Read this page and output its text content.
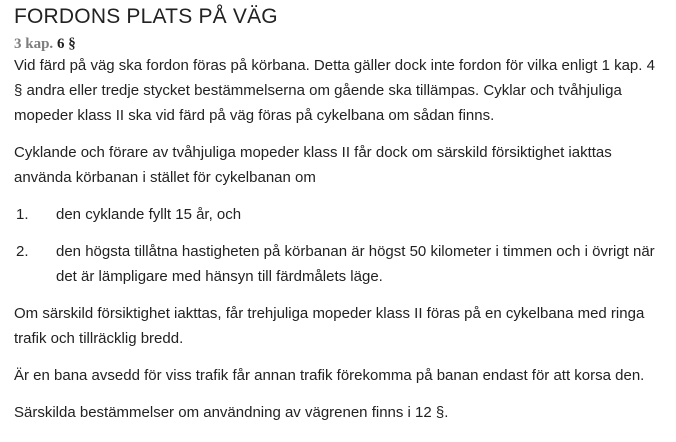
FORDONS PLATS PÅ VÄG
3 kap. 6 §

Vid färd på väg ska fordon föras på körbana. Detta gäller dock inte fordon för vilka enligt 1 kap. 4 § andra eller tredje stycket bestämmelserna om gående ska tillämpas. Cyklar och tvåhjuliga mopeder klass II ska vid färd på väg föras på cykelbana om sådan finns.

Cyklande och förare av tvåhjuliga mopeder klass II får dock om särskild försiktighet iakttas använda körbanan i stället för cykelbanan om

1.	den cyklande fyllt 15 år, och
2.	den högsta tillåtna hastigheten på körbanan är högst 50 kilometer i timmen och i övrigt när det är lämpligare med hänsyn till färdmålets läge.

Om särskild försiktighet iakttas, får trehjuliga mopeder klass II föras på en cykelbana med ringa trafik och tillräcklig bredd.

Är en bana avsedd för viss trafik får annan trafik förekomma på banan endast för att korsa den.

Särskilda bestämmelser om användning av vägrenen finns i 12 §.
